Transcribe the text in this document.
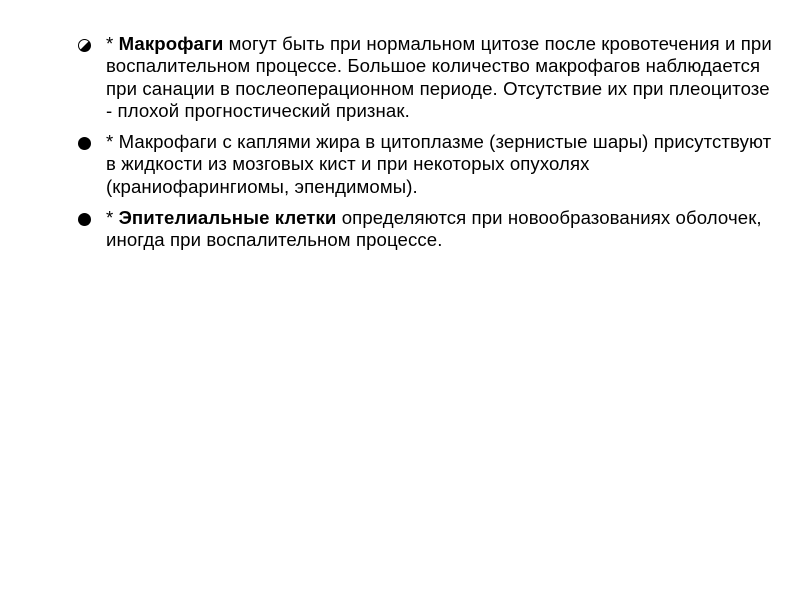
* Макрофаги могут быть при нормальном цитозе после кровотечения и при воспалительном процессе. Большое количество макрофагов наблюдается при санации в послеоперационном периоде. Отсутствие их при плеоцитозе - плохой прогностический признак.
* Макрофаги с каплями жира в цитоплазме (зернистые шары) присутствуют в жидкости из мозговых кист и при некоторых опухолях (краниофарингиомы, эпендимомы).
* Эпителиальные клетки определяются при новообразованиях оболочек, иногда при воспалительном процессе.
